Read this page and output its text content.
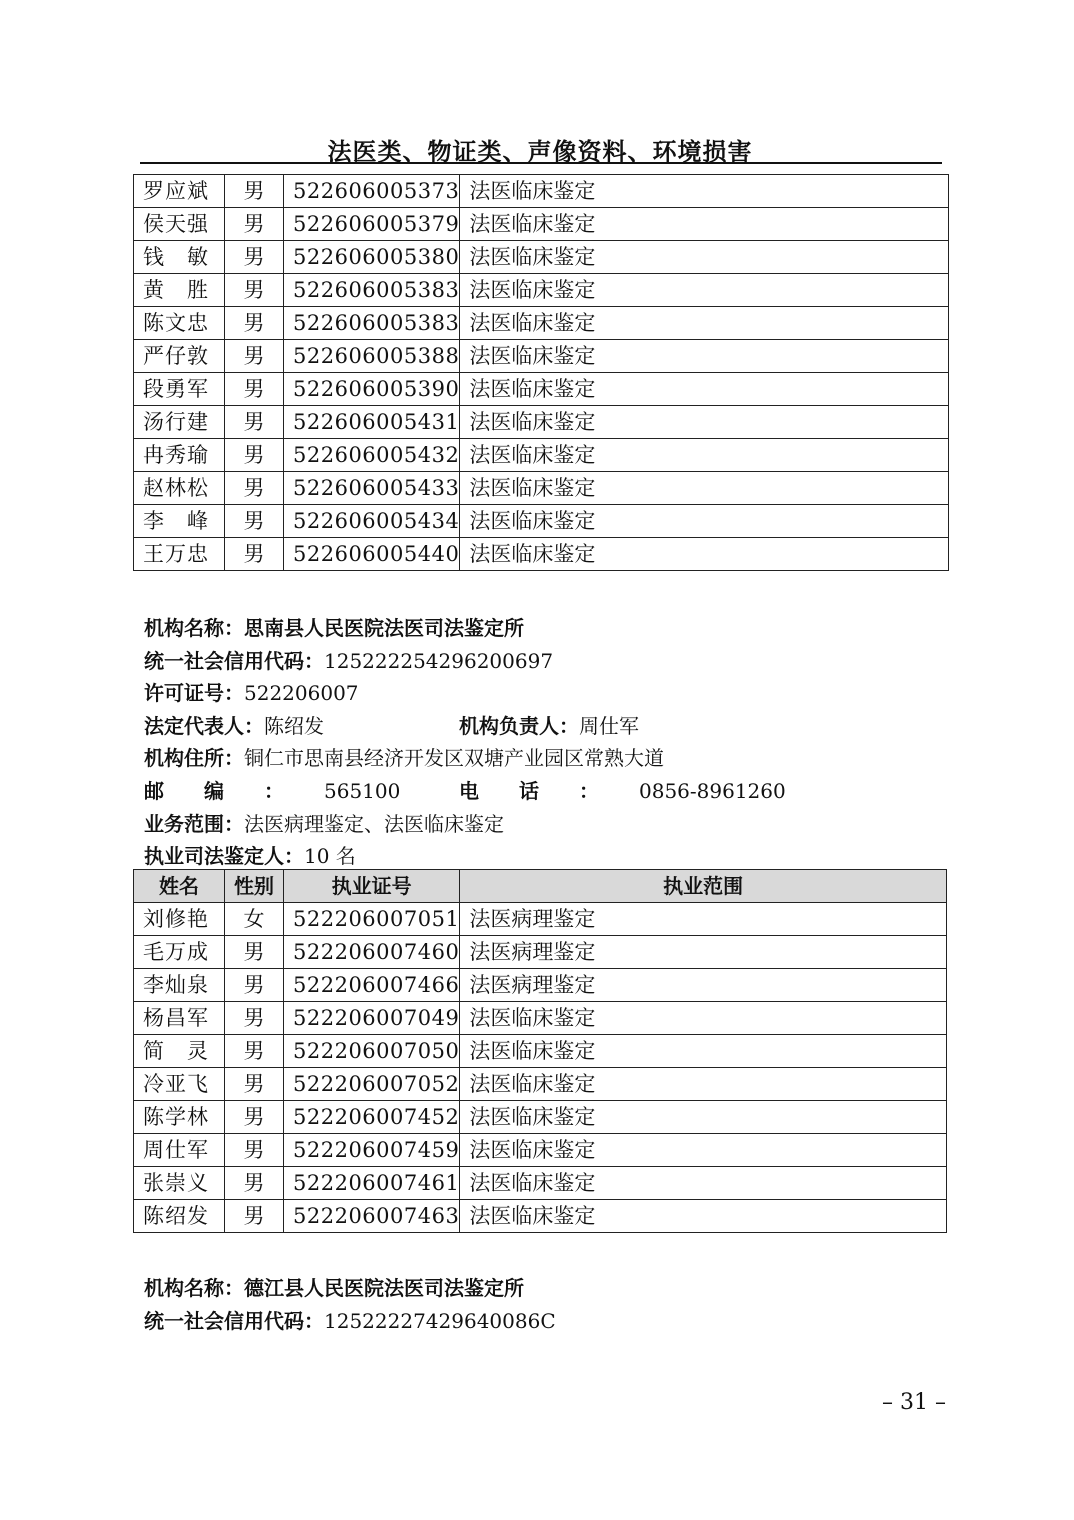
法医类、物证类、声像资料、环境损害
罗应斌	男	522606005373	法医临床鉴定
侯天强	男	522606005379	法医临床鉴定
钱　敏	男	522606005380	法医临床鉴定
黄　胜	男	522606005383	法医临床鉴定
陈文忠	男	522606005383	法医临床鉴定
严仔敦	男	522606005388	法医临床鉴定
段勇军	男	522606005390	法医临床鉴定
汤行建	男	522606005431	法医临床鉴定
冉秀瑜	男	522606005432	法医临床鉴定
赵林松	男	522606005433	法医临床鉴定
李　峰	男	522606005434	法医临床鉴定
王万忠	男	522606005440	法医临床鉴定
机构名称：思南县人民医院法医司法鉴定所
统一社会信用代码：125222254296200697
许可证号：522206007
法定代表人：陈绍发	机构负责人：周仕军
机构住所：铜仁市思南县经济开发区双塘产业园区常熟大道
邮编：565100	电话：0856-8961260
业务范围：法医病理鉴定、法医临床鉴定
执业司法鉴定人：10 名
姓名	性别	执业证号	执业范围
刘修艳	女	522206007051	法医病理鉴定
毛万成	男	522206007460	法医病理鉴定
李灿泉	男	522206007466	法医病理鉴定
杨昌军	男	522206007049	法医临床鉴定
简　灵	男	522206007050	法医临床鉴定
冷亚飞	男	522206007052	法医临床鉴定
陈学林	男	522206007452	法医临床鉴定
周仕军	男	522206007459	法医临床鉴定
张崇义	男	522206007461	法医临床鉴定
陈绍发	男	522206007463	法医临床鉴定
机构名称：德江县人民医院法医司法鉴定所
统一社会信用代码：12522227429640086C
– 31 –
